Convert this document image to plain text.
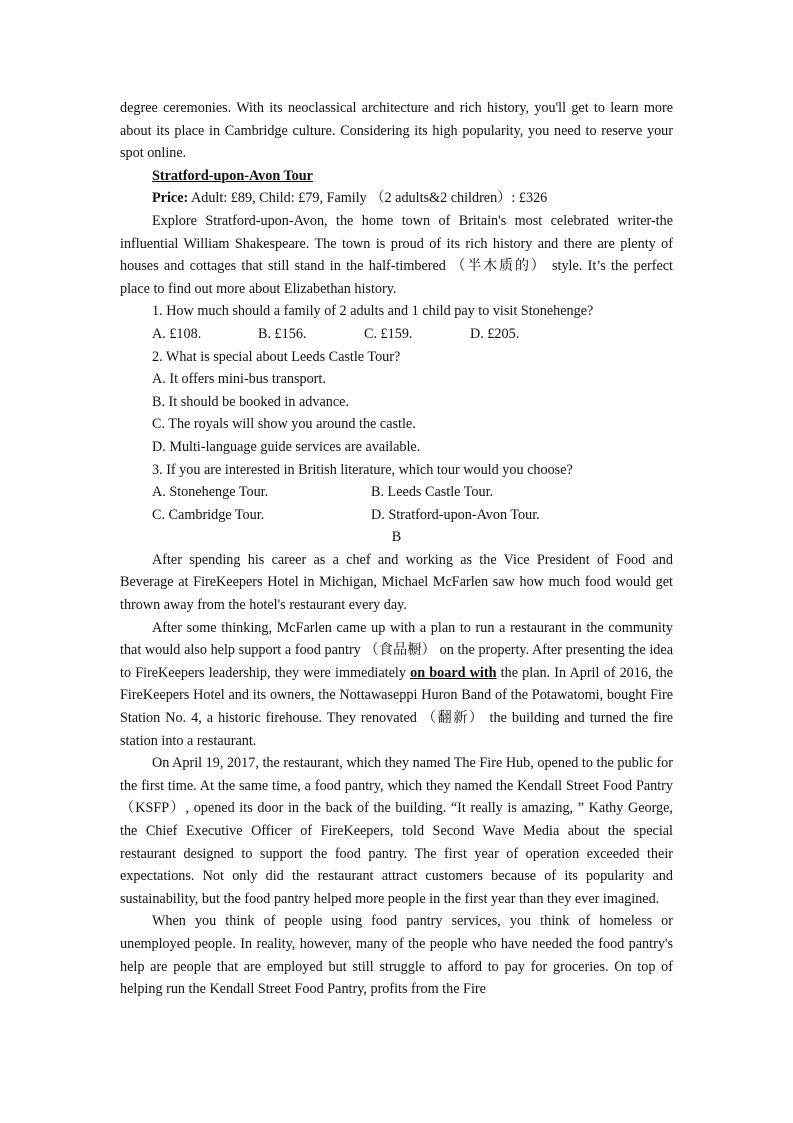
degree ceremonies. With its neoclassical architecture and rich history, you'll get to learn more about its place in Cambridge culture. Considering its high popularity, you need to reserve your spot online.

Stratford-upon-Avon Tour

Price: Adult: £89, Child: £79, Family （2 adults&2 children）: £326

Explore Stratford-upon-Avon, the home town of Britain's most celebrated writer-the influential William Shakespeare. The town is proud of its rich history and there are plenty of houses and cottages that still stand in the half-timbered （半木质的） style. It’s the perfect place to find out more about Elizabethan history.

1. How much should a family of 2 adults and 1 child pay to visit Stonehenge?

A. £108.	B. £156.	C. £159.	D. £205.

2. What is special about Leeds Castle Tour?

A. It offers mini-bus transport.

B. It should be booked in advance.

C. The royals will show you around the castle.

D. Multi-language guide services are available.

3. If you are interested in British literature, which tour would you choose?

A. Stonehenge Tour.	B. Leeds Castle Tour.
C. Cambridge Tour.	D. Stratford-upon-Avon Tour.

B

After spending his career as a chef and working as the Vice President of Food and Beverage at FireKeepers Hotel in Michigan, Michael McFarlen saw how much food would get thrown away from the hotel's restaurant every day.

After some thinking, McFarlen came up with a plan to run a restaurant in the community that would also help support a food pantry （食品橱） on the property. After presenting the idea to FireKeepers leadership, they were immediately on board with the plan. In April of 2016, the FireKeepers Hotel and its owners, the Nottawaseppi Huron Band of the Potawatomi, bought Fire Station No. 4, a historic firehouse. They renovated （翻新） the building and turned the fire station into a restaurant.

On April 19, 2017, the restaurant, which they named The Fire Hub, opened to the public for the first time. At the same time, a food pantry, which they named the Kendall Street Food Pantry （KSFP）, opened its door in the back of the building. “It really is amazing, ” Kathy George, the Chief Executive Officer of FireKeepers, told Second Wave Media about the special restaurant designed to support the food pantry. The first year of operation exceeded their expectations. Not only did the restaurant attract customers because of its popularity and sustainability, but the food pantry helped more people in the first year than they ever imagined.

When you think of people using food pantry services, you think of homeless or unemployed people. In reality, however, many of the people who have needed the food pantry's help are people that are employed but still struggle to afford to pay for groceries. On top of helping run the Kendall Street Food Pantry, profits from the Fire
